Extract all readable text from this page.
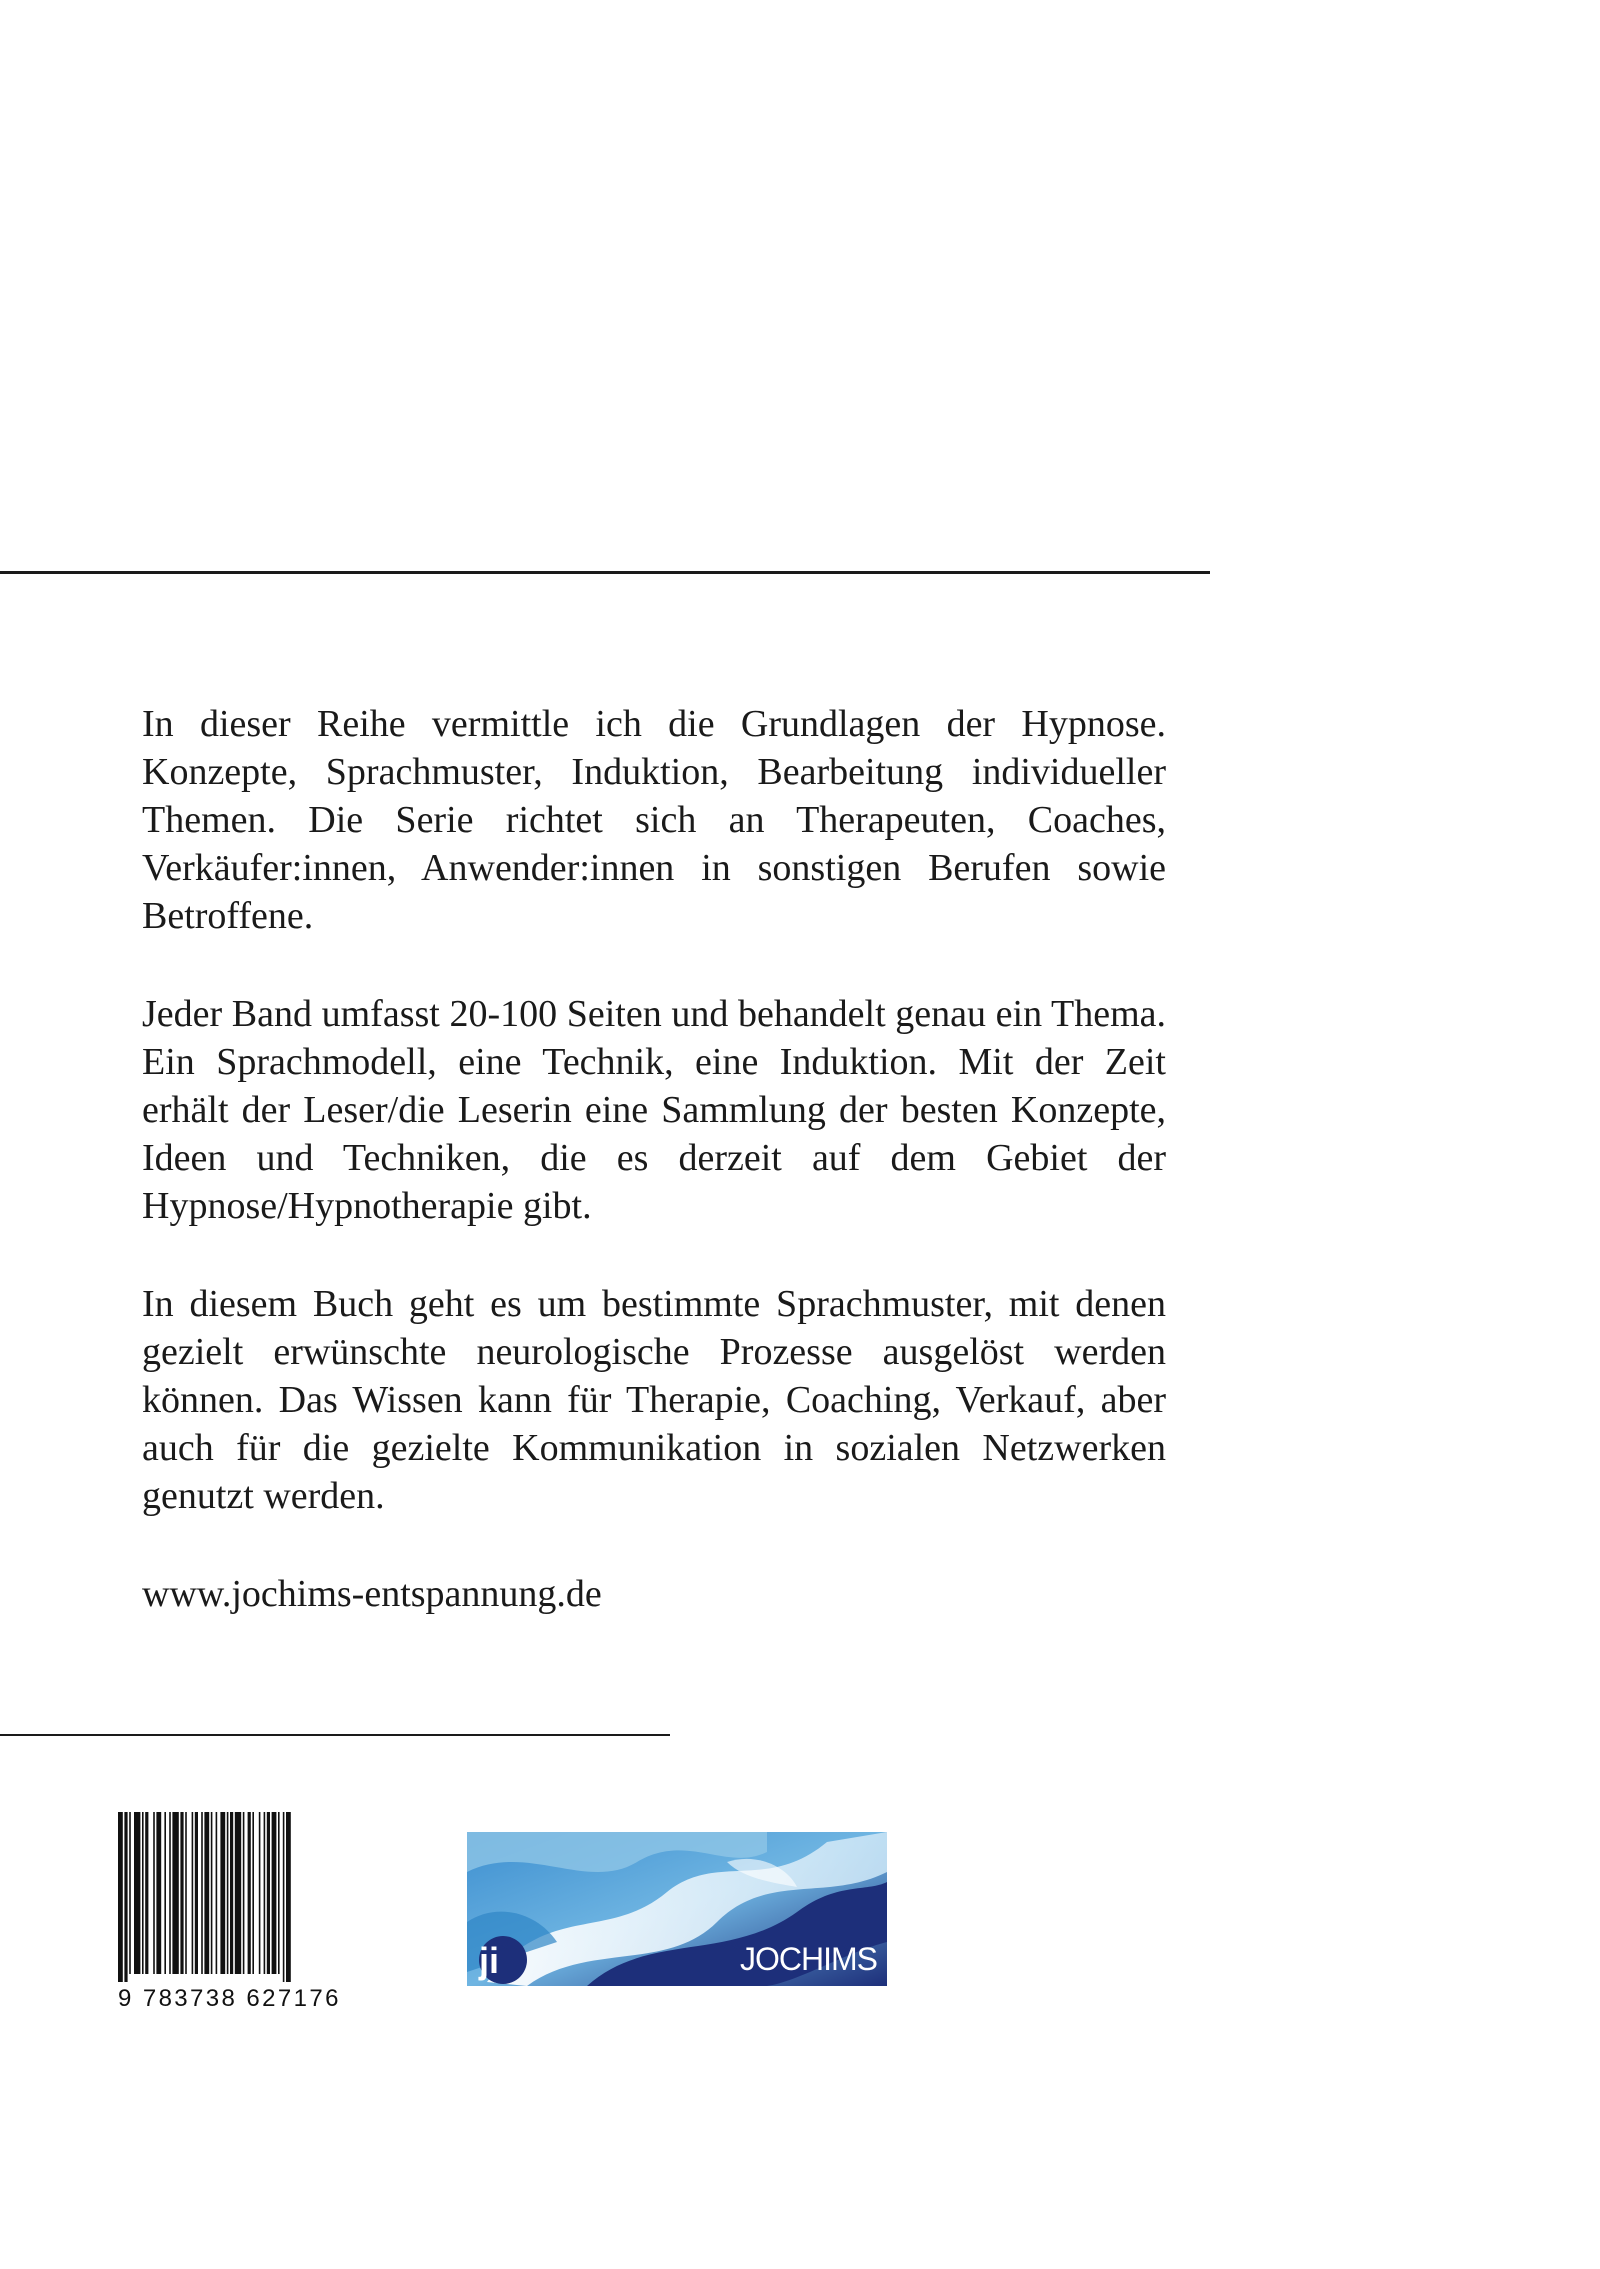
In dieser Reihe vermittle ich die Grundlagen der Hypnose. Konzepte, Sprachmuster, Induktion, Bearbeitung individueller Themen. Die Serie richtet sich an Therapeuten, Coaches, Verkäufer:innen, Anwender:innen in sonstigen Berufen sowie Betroffene.

Jeder Band umfasst 20-100 Seiten und behandelt genau ein Thema. Ein Sprachmodell, eine Technik, eine Induktion. Mit der Zeit erhält der Leser/die Leserin eine Sammlung der besten Konzepte, Ideen und Techniken, die es derzeit auf dem Gebiet der Hypnose/Hypnotherapie gibt.

In diesem Buch geht es um bestimmte Sprachmuster, mit denen gezielt erwünschte neurologische Prozesse ausgelöst werden können. Das Wissen kann für Therapie, Coaching, Verkauf, aber auch für die gezielte Kommunikation in sozialen Netzwerken genutzt werden.

www.jochims-entspannung.de

9 783738 627176
ji	JOCHIMS
